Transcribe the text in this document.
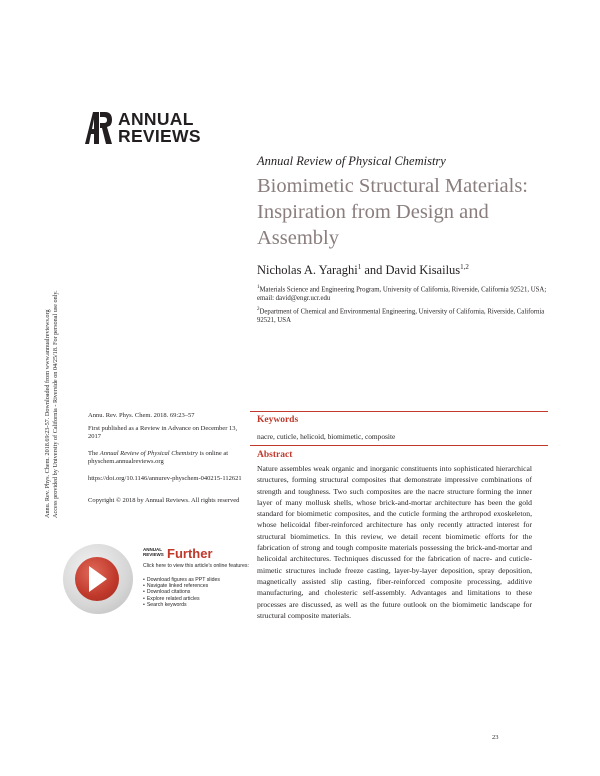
Annu. Rev. Phys. Chem. 2018.69:23-57. Downloaded from www.annualreviews.org Access provided by University of California - Riverside on 04/25/18. For personal use only.
ANNUAL
REVIEWS
Annual Review of Physical Chemistry
Biomimetic Structural Materials: Inspiration from Design and Assembly
Nicholas A. Yaraghi$^1$ and David Kisailus$^{1,2}$
$^1$Materials Science and Engineering Program, University of California, Riverside, California 92521, USA; email: david@engr.ucr.edu
$^2$Department of Chemical and Environmental Engineering, University of California, Riverside, California 92521, USA
Annu. Rev. Phys. Chem. 2018. 69:23–57
First published as a Review in Advance on December 13, 2017
The Annual Review of Physical Chemistry is online at physchem.annualreviews.org
https://doi.org/10.1146/annurev-physchem-040215-112621
Copyright © 2018 by Annual Reviews. All rights reserved
ANNUAL REVIEWS Further
Click here to view this article's online features:
• Download figures as PPT slides
• Navigate linked references
• Download citations
• Explore related articles
• Search keywords
Keywords
nacre, cuticle, helicoid, biomimetic, composite
Abstract
Nature assembles weak organic and inorganic constituents into sophisticated hierarchical structures, forming structural composites that demonstrate impressive combinations of strength and toughness. Two such composites are the nacre structure forming the inner layer of many mollusk shells, whose brick-and-mortar architecture has been the gold standard for biomimetic composites, and the cuticle forming the arthropod exoskeleton, whose helicoidal fiber-reinforced architecture has only recently attracted interest for structural biomimetics. In this review, we detail recent biomimetic efforts for the fabrication of strong and tough composite materials possessing the brick-and-mortar and helicoidal architectures. Techniques discussed for the fabrication of nacre- and cuticle-mimetic structures include freeze casting, layer-by-layer deposition, spray deposition, magnetically assisted slip casting, fiber-reinforced composite processing, additive manufacturing, and cholesteric self-assembly. Advantages and limitations to these processes are discussed, as well as the future outlook on the biomimetic landscape for structural composite materials.
23
